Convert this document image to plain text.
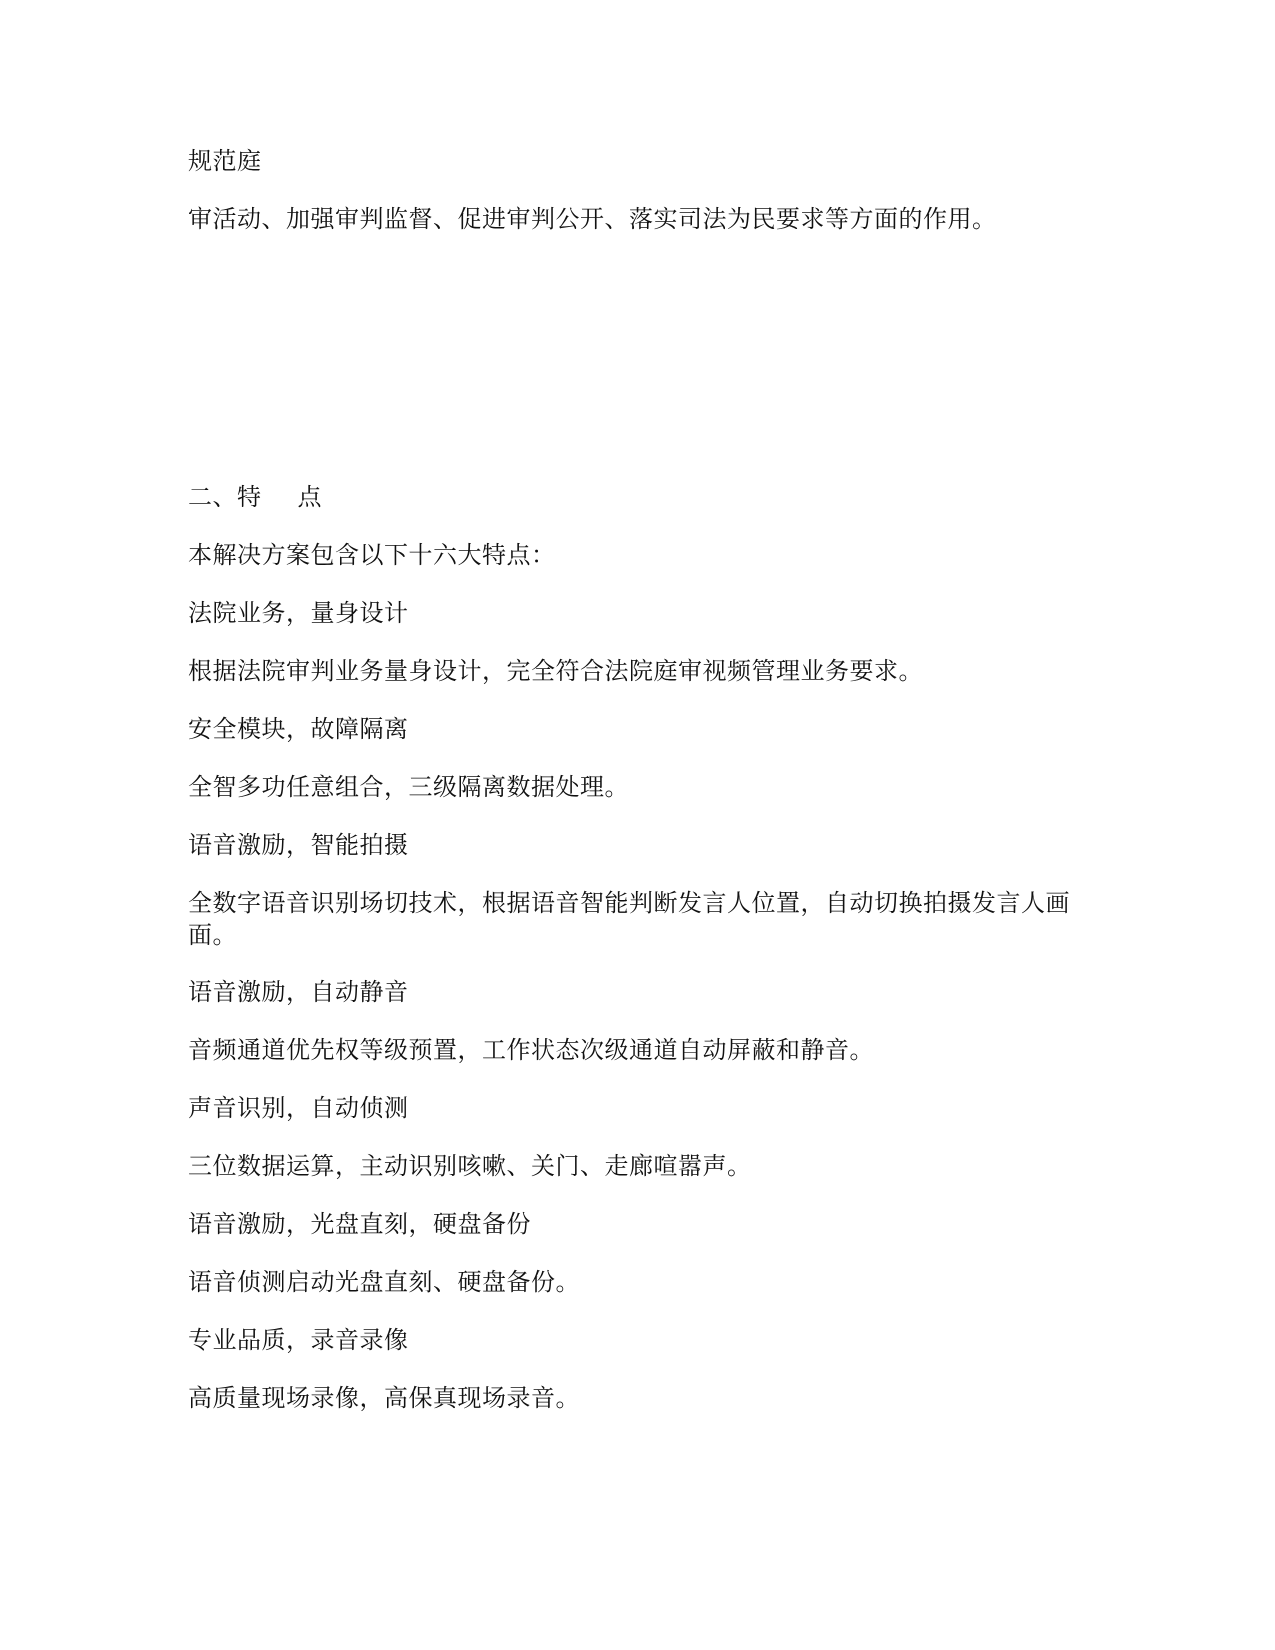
规范庭
审活动、加强审判监督、促进审判公开、落实司法为民要求等方面的作用。
二、特 点
本解决方案包含以下十六大特点：
法院业务，量身设计
根据法院审判业务量身设计，完全符合法院庭审视频管理业务要求。
安全模块，故障隔离
全智多功任意组合，三级隔离数据处理。
语音激励，智能拍摄
全数字语音识别场切技术，根据语音智能判断发言人位置，自动切换拍摄发言人画面。
语音激励，自动静音
音频通道优先权等级预置，工作状态次级通道自动屏蔽和静音。
声音识别，自动侦测
三位数据运算，主动识别咳嗽、关门、走廊喧嚣声。
语音激励，光盘直刻，硬盘备份
语音侦测启动光盘直刻、硬盘备份。
专业品质，录音录像
高质量现场录像，高保真现场录音。
